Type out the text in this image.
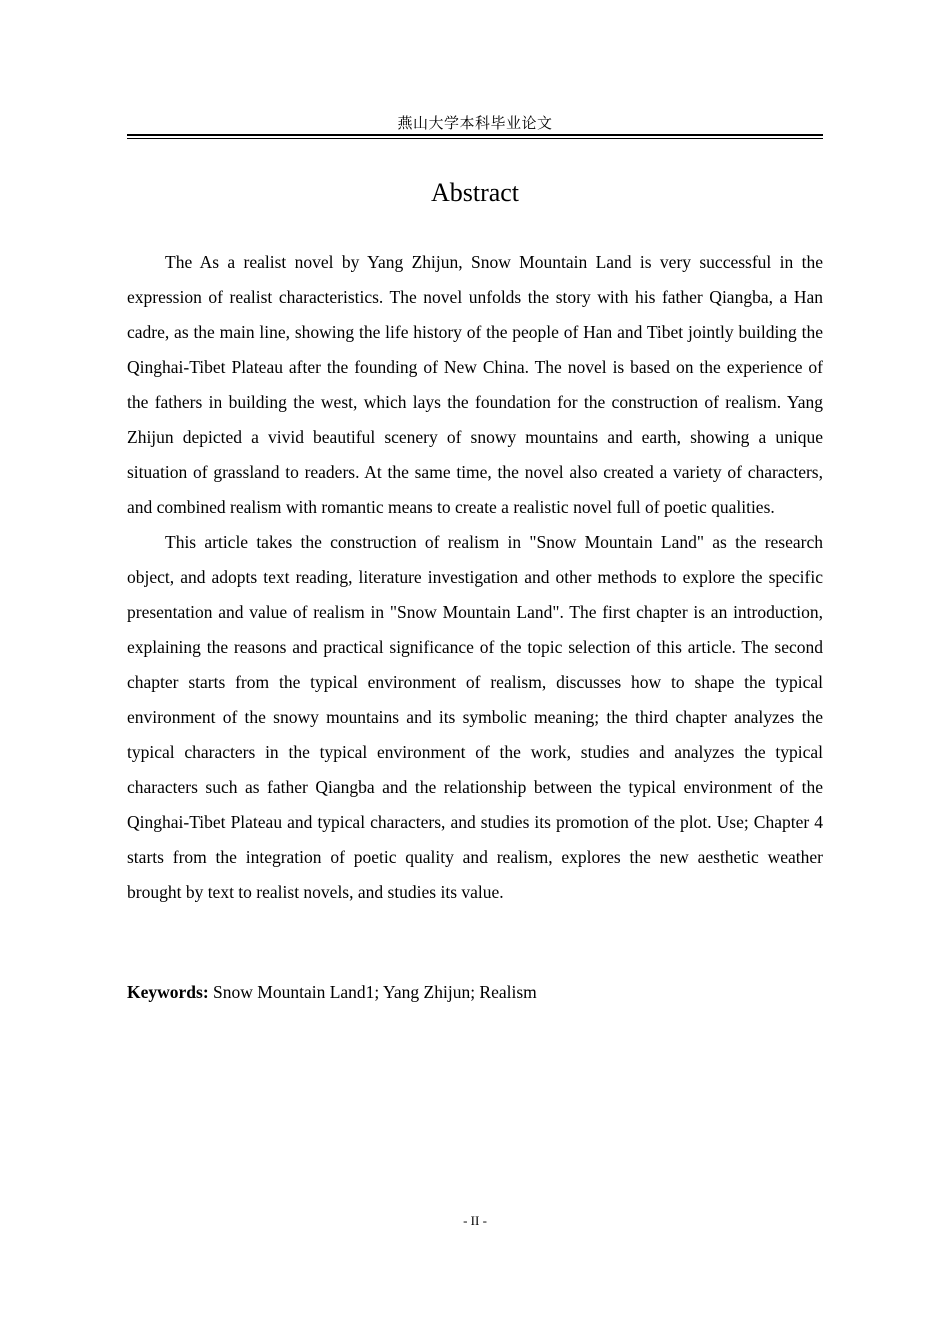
燕山大学本科毕业论文
Abstract

The As a realist novel by Yang Zhijun, Snow Mountain Land is very successful in the expression of realist characteristics. The novel unfolds the story with his father Qiangba, a Han cadre, as the main line, showing the life history of the people of Han and Tibet jointly building the Qinghai-Tibet Plateau after the founding of New China. The novel is based on the experience of the fathers in building the west, which lays the foundation for the construction of realism. Yang Zhijun depicted a vivid beautiful scenery of snowy mountains and earth, showing a unique situation of grassland to readers. At the same time, the novel also created a variety of characters, and combined realism with romantic means to create a realistic novel full of poetic qualities.

This article takes the construction of realism in "Snow Mountain Land" as the research object, and adopts text reading, literature investigation and other methods to explore the specific presentation and value of realism in "Snow Mountain Land". The first chapter is an introduction, explaining the reasons and practical significance of the topic selection of this article. The second chapter starts from the typical environment of realism, discusses how to shape the typical environment of the snowy mountains and its symbolic meaning; the third chapter analyzes the typical characters in the typical environment of the work, studies and analyzes the typical characters such as father Qiangba and the relationship between the typical environment of the Qinghai-Tibet Plateau and typical characters, and studies its promotion of the plot. Use; Chapter 4 starts from the integration of poetic quality and realism, explores the new aesthetic weather brought by text to realist novels, and studies its value.

Keywords: Snow Mountain Land1; Yang Zhijun; Realism

- II -
